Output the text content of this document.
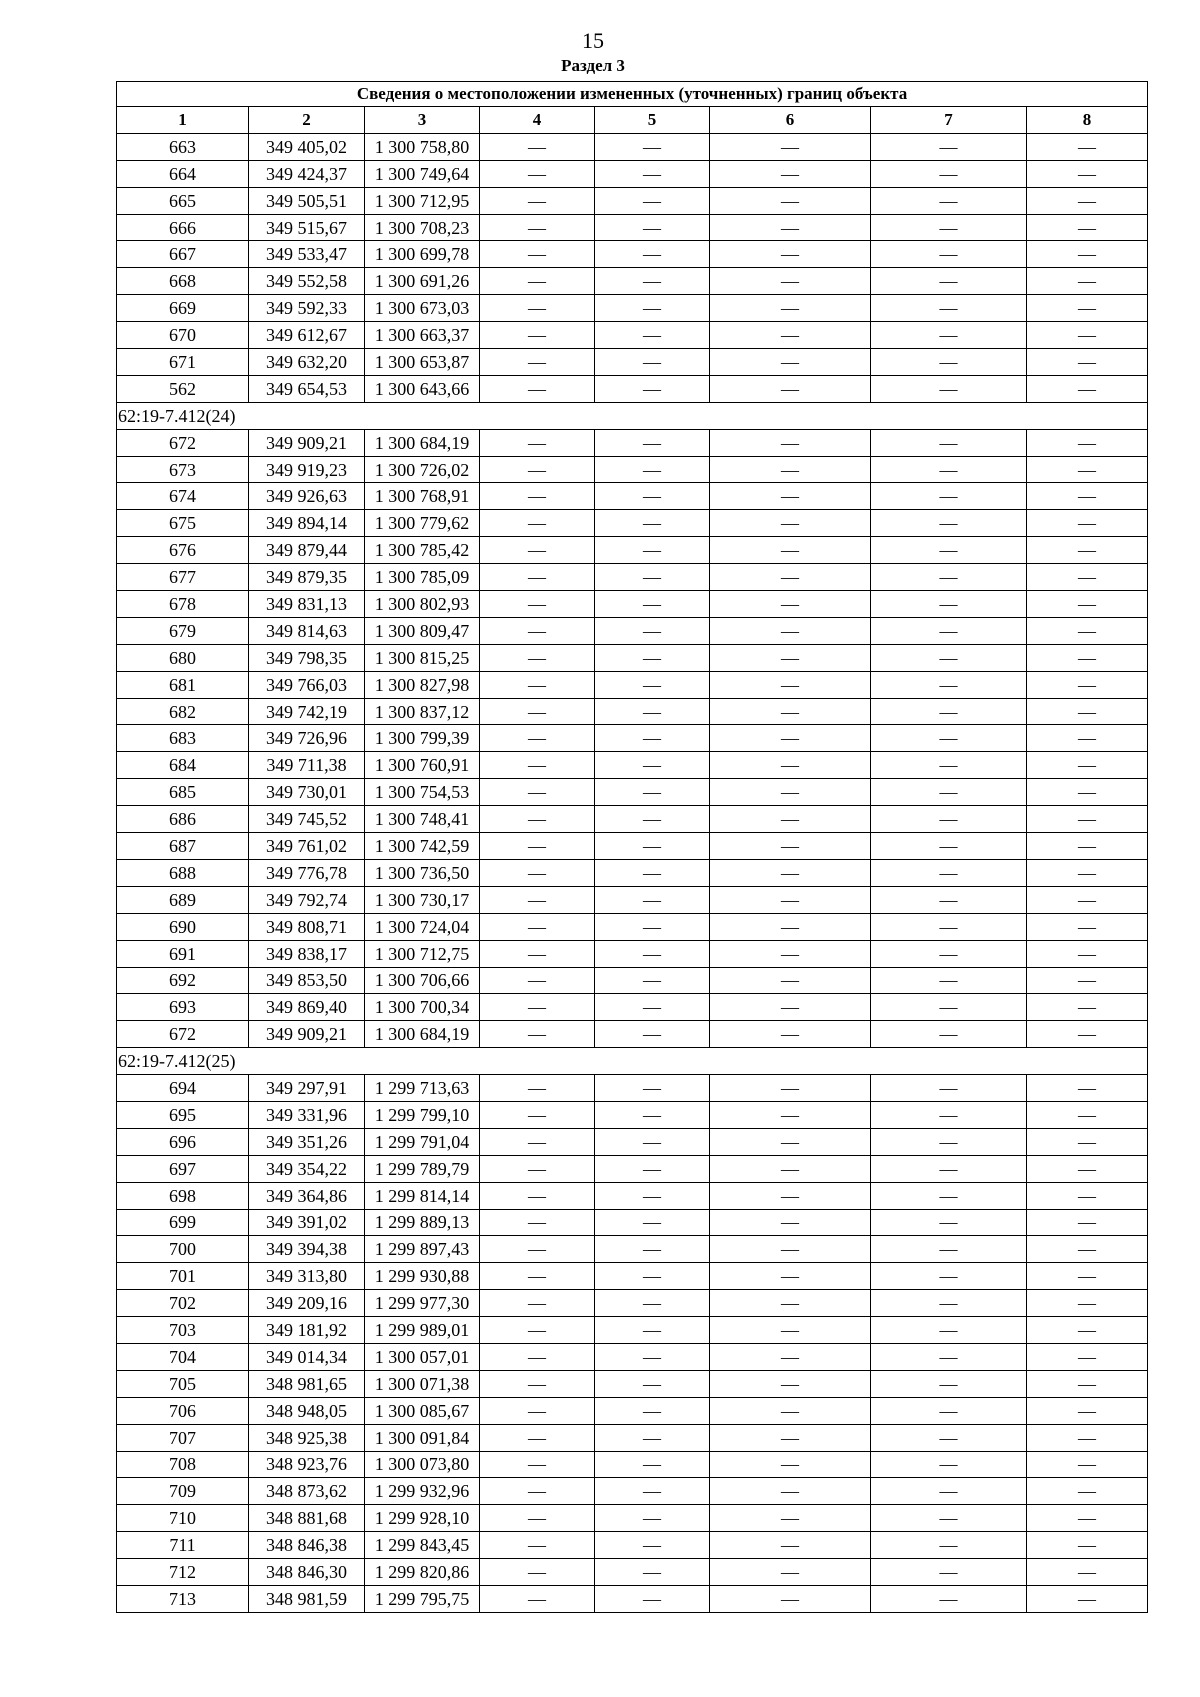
15
Раздел 3
Сведения о местоположении измененных (уточненных) границ объекта							
1	2	3	4	5	6	7	8
663	349 405,02	1 300 758,80	—	—	—	—	—
664	349 424,37	1 300 749,64	—	—	—	—	—
665	349 505,51	1 300 712,95	—	—	—	—	—
666	349 515,67	1 300 708,23	—	—	—	—	—
667	349 533,47	1 300 699,78	—	—	—	—	—
668	349 552,58	1 300 691,26	—	—	—	—	—
669	349 592,33	1 300 673,03	—	—	—	—	—
670	349 612,67	1 300 663,37	—	—	—	—	—
671	349 632,20	1 300 653,87	—	—	—	—	—
562	349 654,53	1 300 643,66	—	—	—	—	—
62:19-7.412(24)							
672	349 909,21	1 300 684,19	—	—	—	—	—
673	349 919,23	1 300 726,02	—	—	—	—	—
674	349 926,63	1 300 768,91	—	—	—	—	—
675	349 894,14	1 300 779,62	—	—	—	—	—
676	349 879,44	1 300 785,42	—	—	—	—	—
677	349 879,35	1 300 785,09	—	—	—	—	—
678	349 831,13	1 300 802,93	—	—	—	—	—
679	349 814,63	1 300 809,47	—	—	—	—	—
680	349 798,35	1 300 815,25	—	—	—	—	—
681	349 766,03	1 300 827,98	—	—	—	—	—
682	349 742,19	1 300 837,12	—	—	—	—	—
683	349 726,96	1 300 799,39	—	—	—	—	—
684	349 711,38	1 300 760,91	—	—	—	—	—
685	349 730,01	1 300 754,53	—	—	—	—	—
686	349 745,52	1 300 748,41	—	—	—	—	—
687	349 761,02	1 300 742,59	—	—	—	—	—
688	349 776,78	1 300 736,50	—	—	—	—	—
689	349 792,74	1 300 730,17	—	—	—	—	—
690	349 808,71	1 300 724,04	—	—	—	—	—
691	349 838,17	1 300 712,75	—	—	—	—	—
692	349 853,50	1 300 706,66	—	—	—	—	—
693	349 869,40	1 300 700,34	—	—	—	—	—
672	349 909,21	1 300 684,19	—	—	—	—	—
62:19-7.412(25)							
694	349 297,91	1 299 713,63	—	—	—	—	—
695	349 331,96	1 299 799,10	—	—	—	—	—
696	349 351,26	1 299 791,04	—	—	—	—	—
697	349 354,22	1 299 789,79	—	—	—	—	—
698	349 364,86	1 299 814,14	—	—	—	—	—
699	349 391,02	1 299 889,13	—	—	—	—	—
700	349 394,38	1 299 897,43	—	—	—	—	—
701	349 313,80	1 299 930,88	—	—	—	—	—
702	349 209,16	1 299 977,30	—	—	—	—	—
703	349 181,92	1 299 989,01	—	—	—	—	—
704	349 014,34	1 300 057,01	—	—	—	—	—
705	348 981,65	1 300 071,38	—	—	—	—	—
706	348 948,05	1 300 085,67	—	—	—	—	—
707	348 925,38	1 300 091,84	—	—	—	—	—
708	348 923,76	1 300 073,80	—	—	—	—	—
709	348 873,62	1 299 932,96	—	—	—	—	—
710	348 881,68	1 299 928,10	—	—	—	—	—
711	348 846,38	1 299 843,45	—	—	—	—	—
712	348 846,30	1 299 820,86	—	—	—	—	—
713	348 981,59	1 299 795,75	—	—	—	—	—
